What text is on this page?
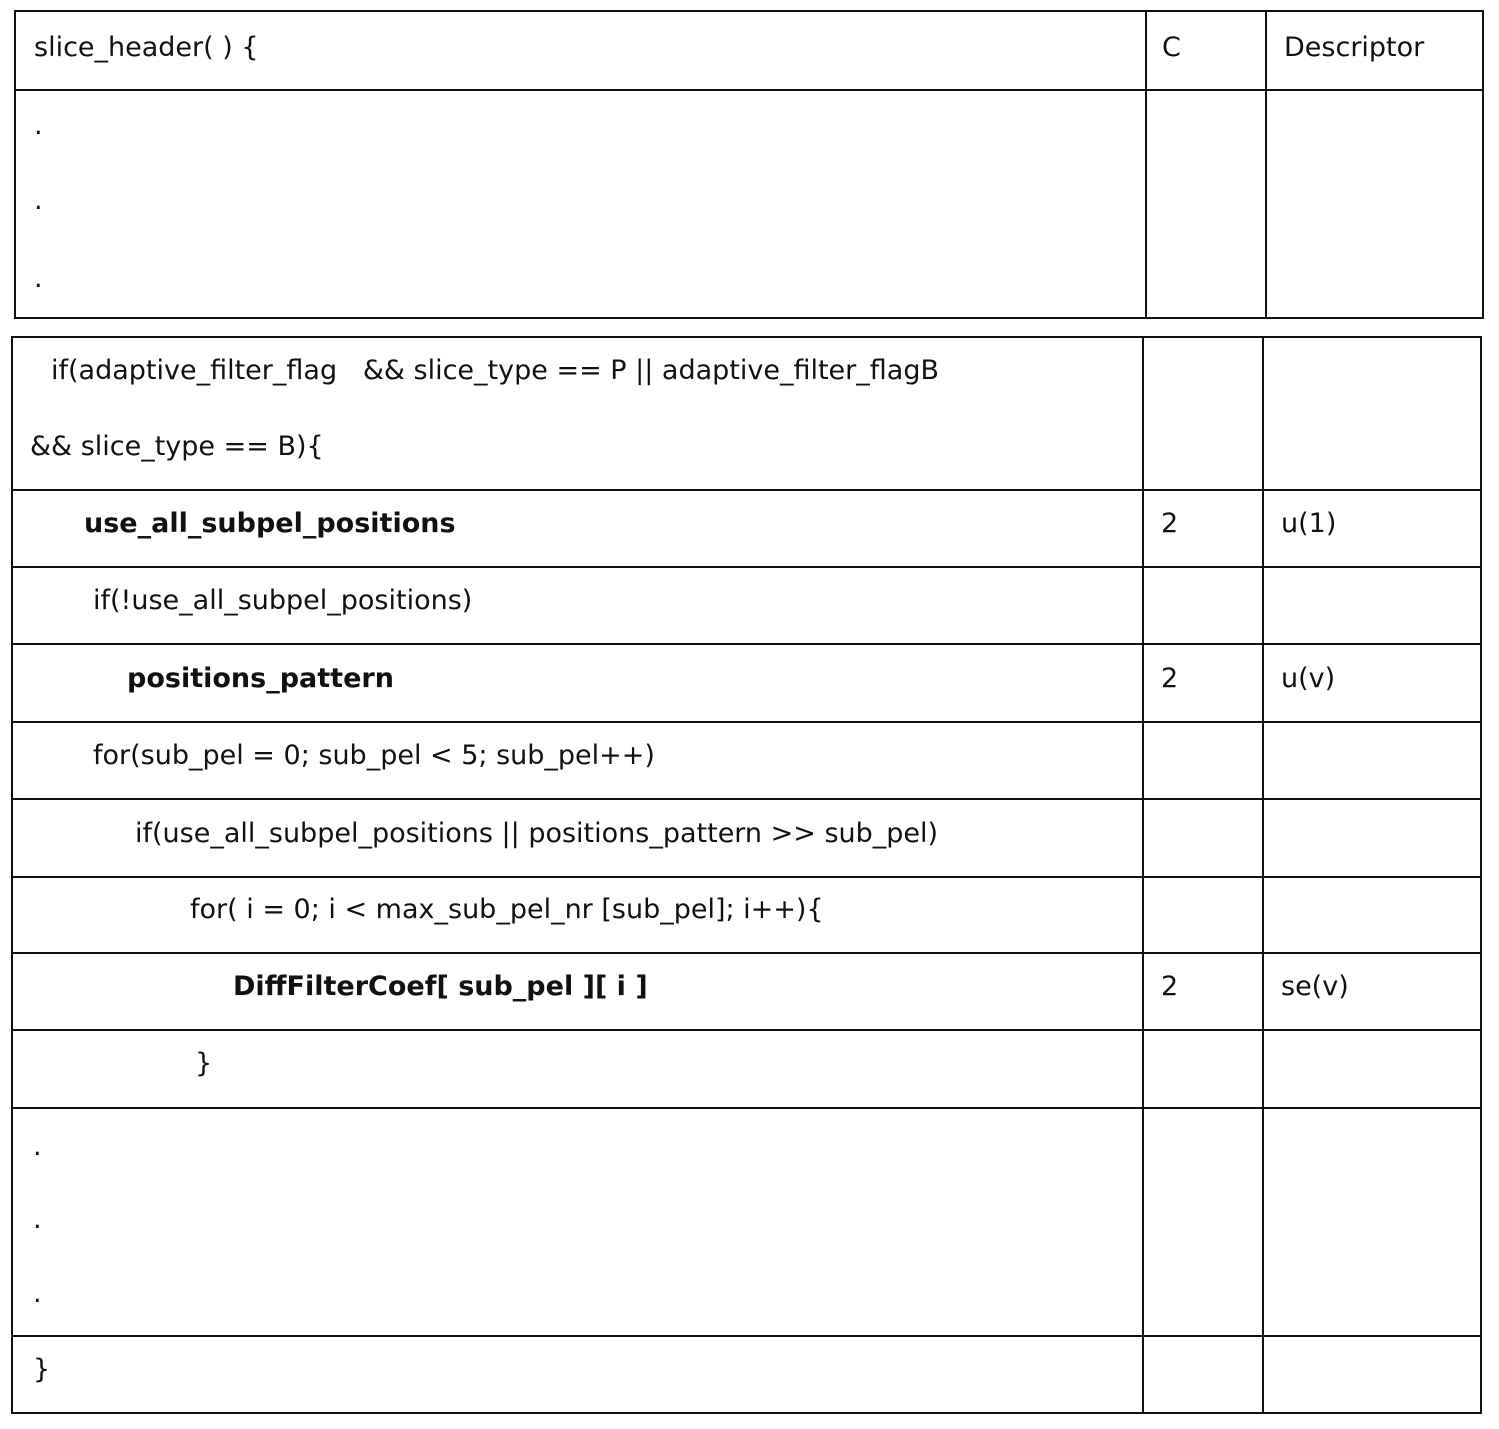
slice_header( ) {	C	Descriptor
.
.
.
if(adaptive_filter_flag   && slice_type == P || adaptive_filter_flagB
&& slice_type == B){
use_all_subpel_positions	2	u(1)
if(!use_all_subpel_positions)
positions_pattern	2	u(v)
for(sub_pel = 0; sub_pel < 5; sub_pel++)
if(use_all_subpel_positions || positions_pattern >> sub_pel)
for( i = 0; i < max_sub_pel_nr [sub_pel]; i++){
DiffFilterCoef[ sub_pel ][ i ]	2	se(v)
}
.
.
.
}
